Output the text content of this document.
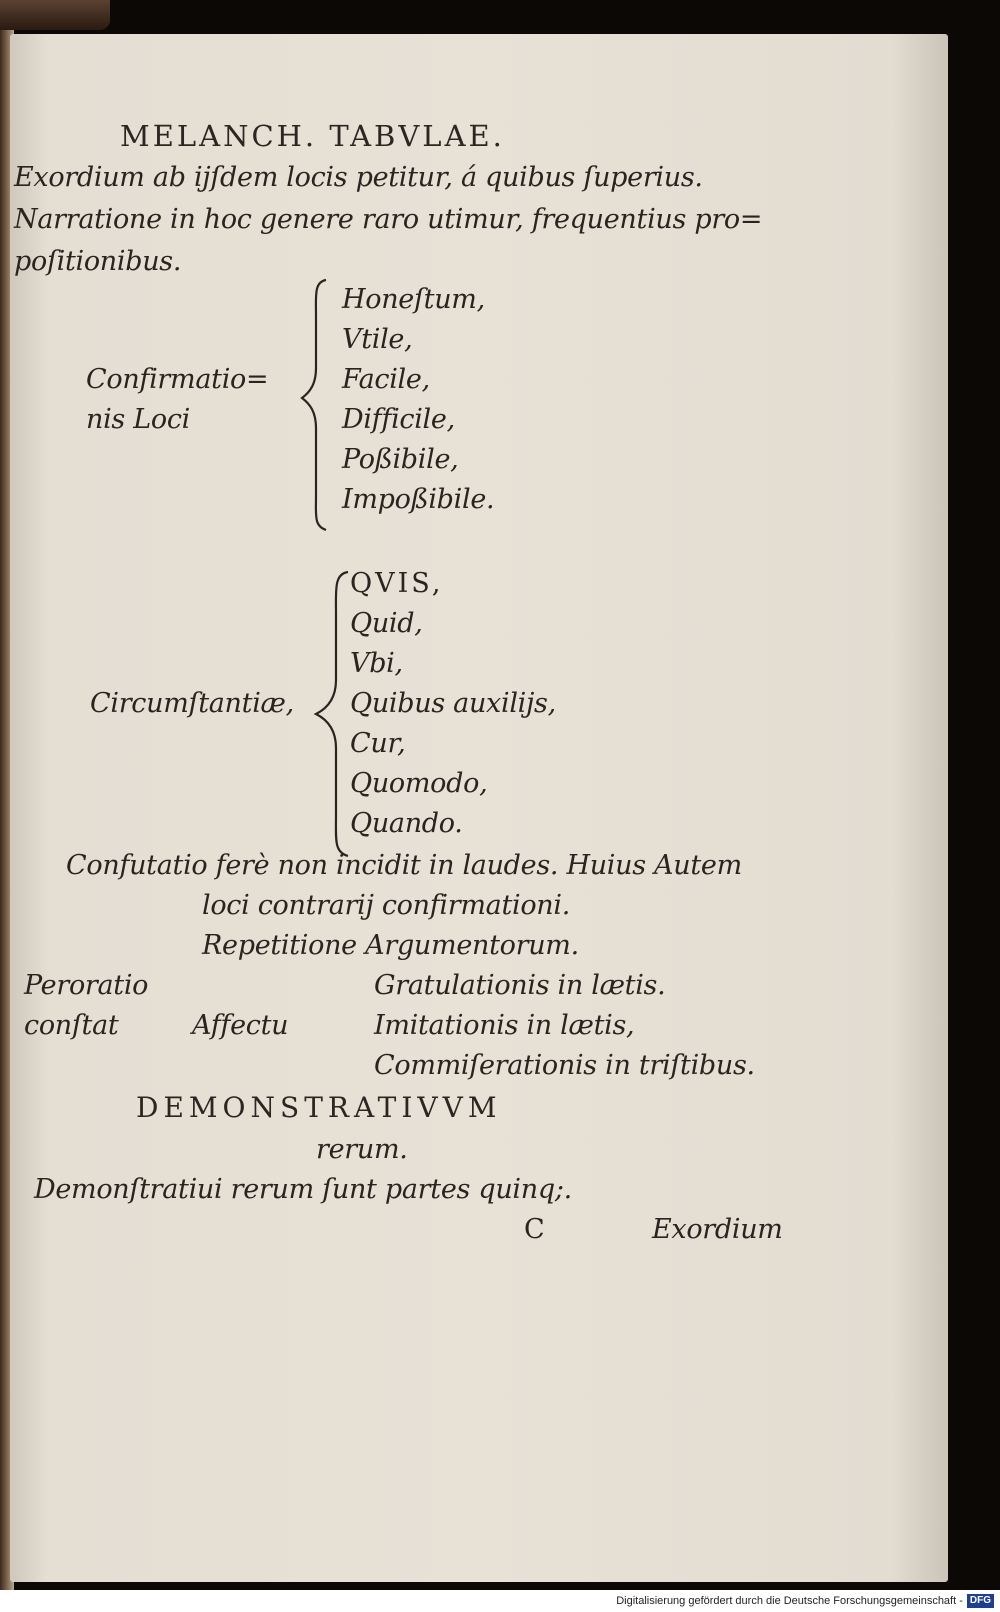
MELANCH. TABVLAE.
Exordium ab ijſdem locis petitur, á quibus ſuperius.
Narratione in hoc genere raro utimur, frequentius pro=
poſitionibus.
Confirmatio=
nis Loci
Honeſtum,
Vtile,
Facile,
Difficile,
Poßibile,
Impoßibile.
Circumſtantiæ,
QVIS,
Quid,
Vbi,
Quibus auxilijs,
Cur,
Quomodo,
Quando.
Confutatio ferè non incidit in laudes. Huius Autem
loci contrarij confirmationi.
Repetitione Argumentorum.
Peroratio
conſtat	Affectu
Gratulationis in lætis.
Imitationis in lætis,
Commiſerationis in triſtibus.
DEMONSTRATIVVM
rerum.
Demonſtratiui rerum ſunt partes quinq;.
C	Exordium
Digitalisierung gefördert durch die Deutsche Forschungsgemeinschaft - DFG
